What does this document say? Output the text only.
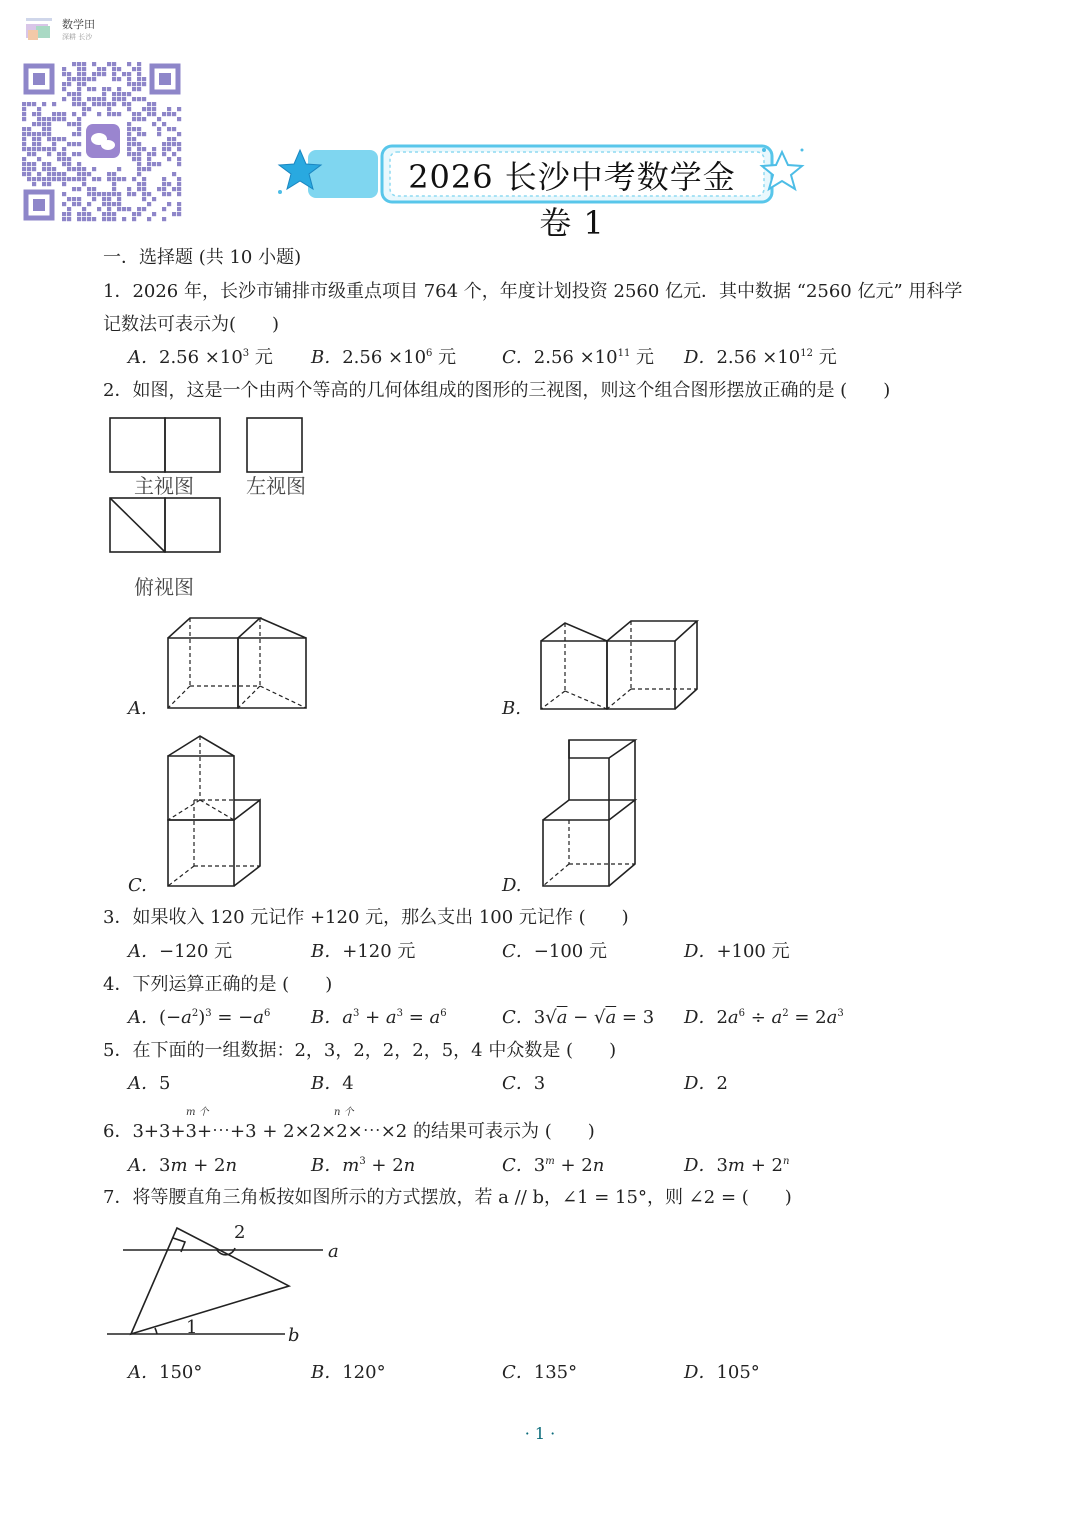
数学田
深耕 长沙
2026 长沙中考数学金卷 1
一．选择题 (共 10 小题)
1．2026 年，长沙市铺排市级重点项目 764 个，年度计划投资 2560 亿元．其中数据 “2560 亿元” 用科学
记数法可表示为(　　)
A．$2.56 \times 10^3$ 元 B．$2.56 \times 10^6$ 元	C．$2.56 \times 10^{11}$ 元 D．$2.56 \times 10^{12}$ 元
2．如图，这是一个由两个等高的几何体组成的图形的三视图，则这个组合图形摆放正确的是 (　　)
主视图	左视图
俯视图
A.	B.
C.	D.
3．如果收入 120 元记作 +120 元，那么支出 100 元记作 (　　)
A．−120 元	B．+120 元	C．−100 元	D．+100 元
4．下列运算正确的是 (　　)
A．$(-a^2)^3 = -a^6$ B．$a^3 + a^3 = a^6$	C．3√a − √a = 3 D．$2a^6 \div a^2 = 2a^3$
5．在下面的一组数据：2，3，2，2，2，5，4 中众数是 (　　)
A．5	B．4	C．3	D．2
m 个	n 个
6．3+3+3+⋯+3 + 2×2×2×⋯×2 的结果可表示为 (　　)
A．3m + 2n	B．$m^3 + 2n$	C．$3^m + 2n$	D．$3m + 2^n$
7．将等腰直角三角板按如图所示的方式摆放，若 a // b，∠1 = 15°，则 ∠2 = (　　)
a
b
1
2
A．150°	B．120°	C．135°	D．105°
· 1 ·
